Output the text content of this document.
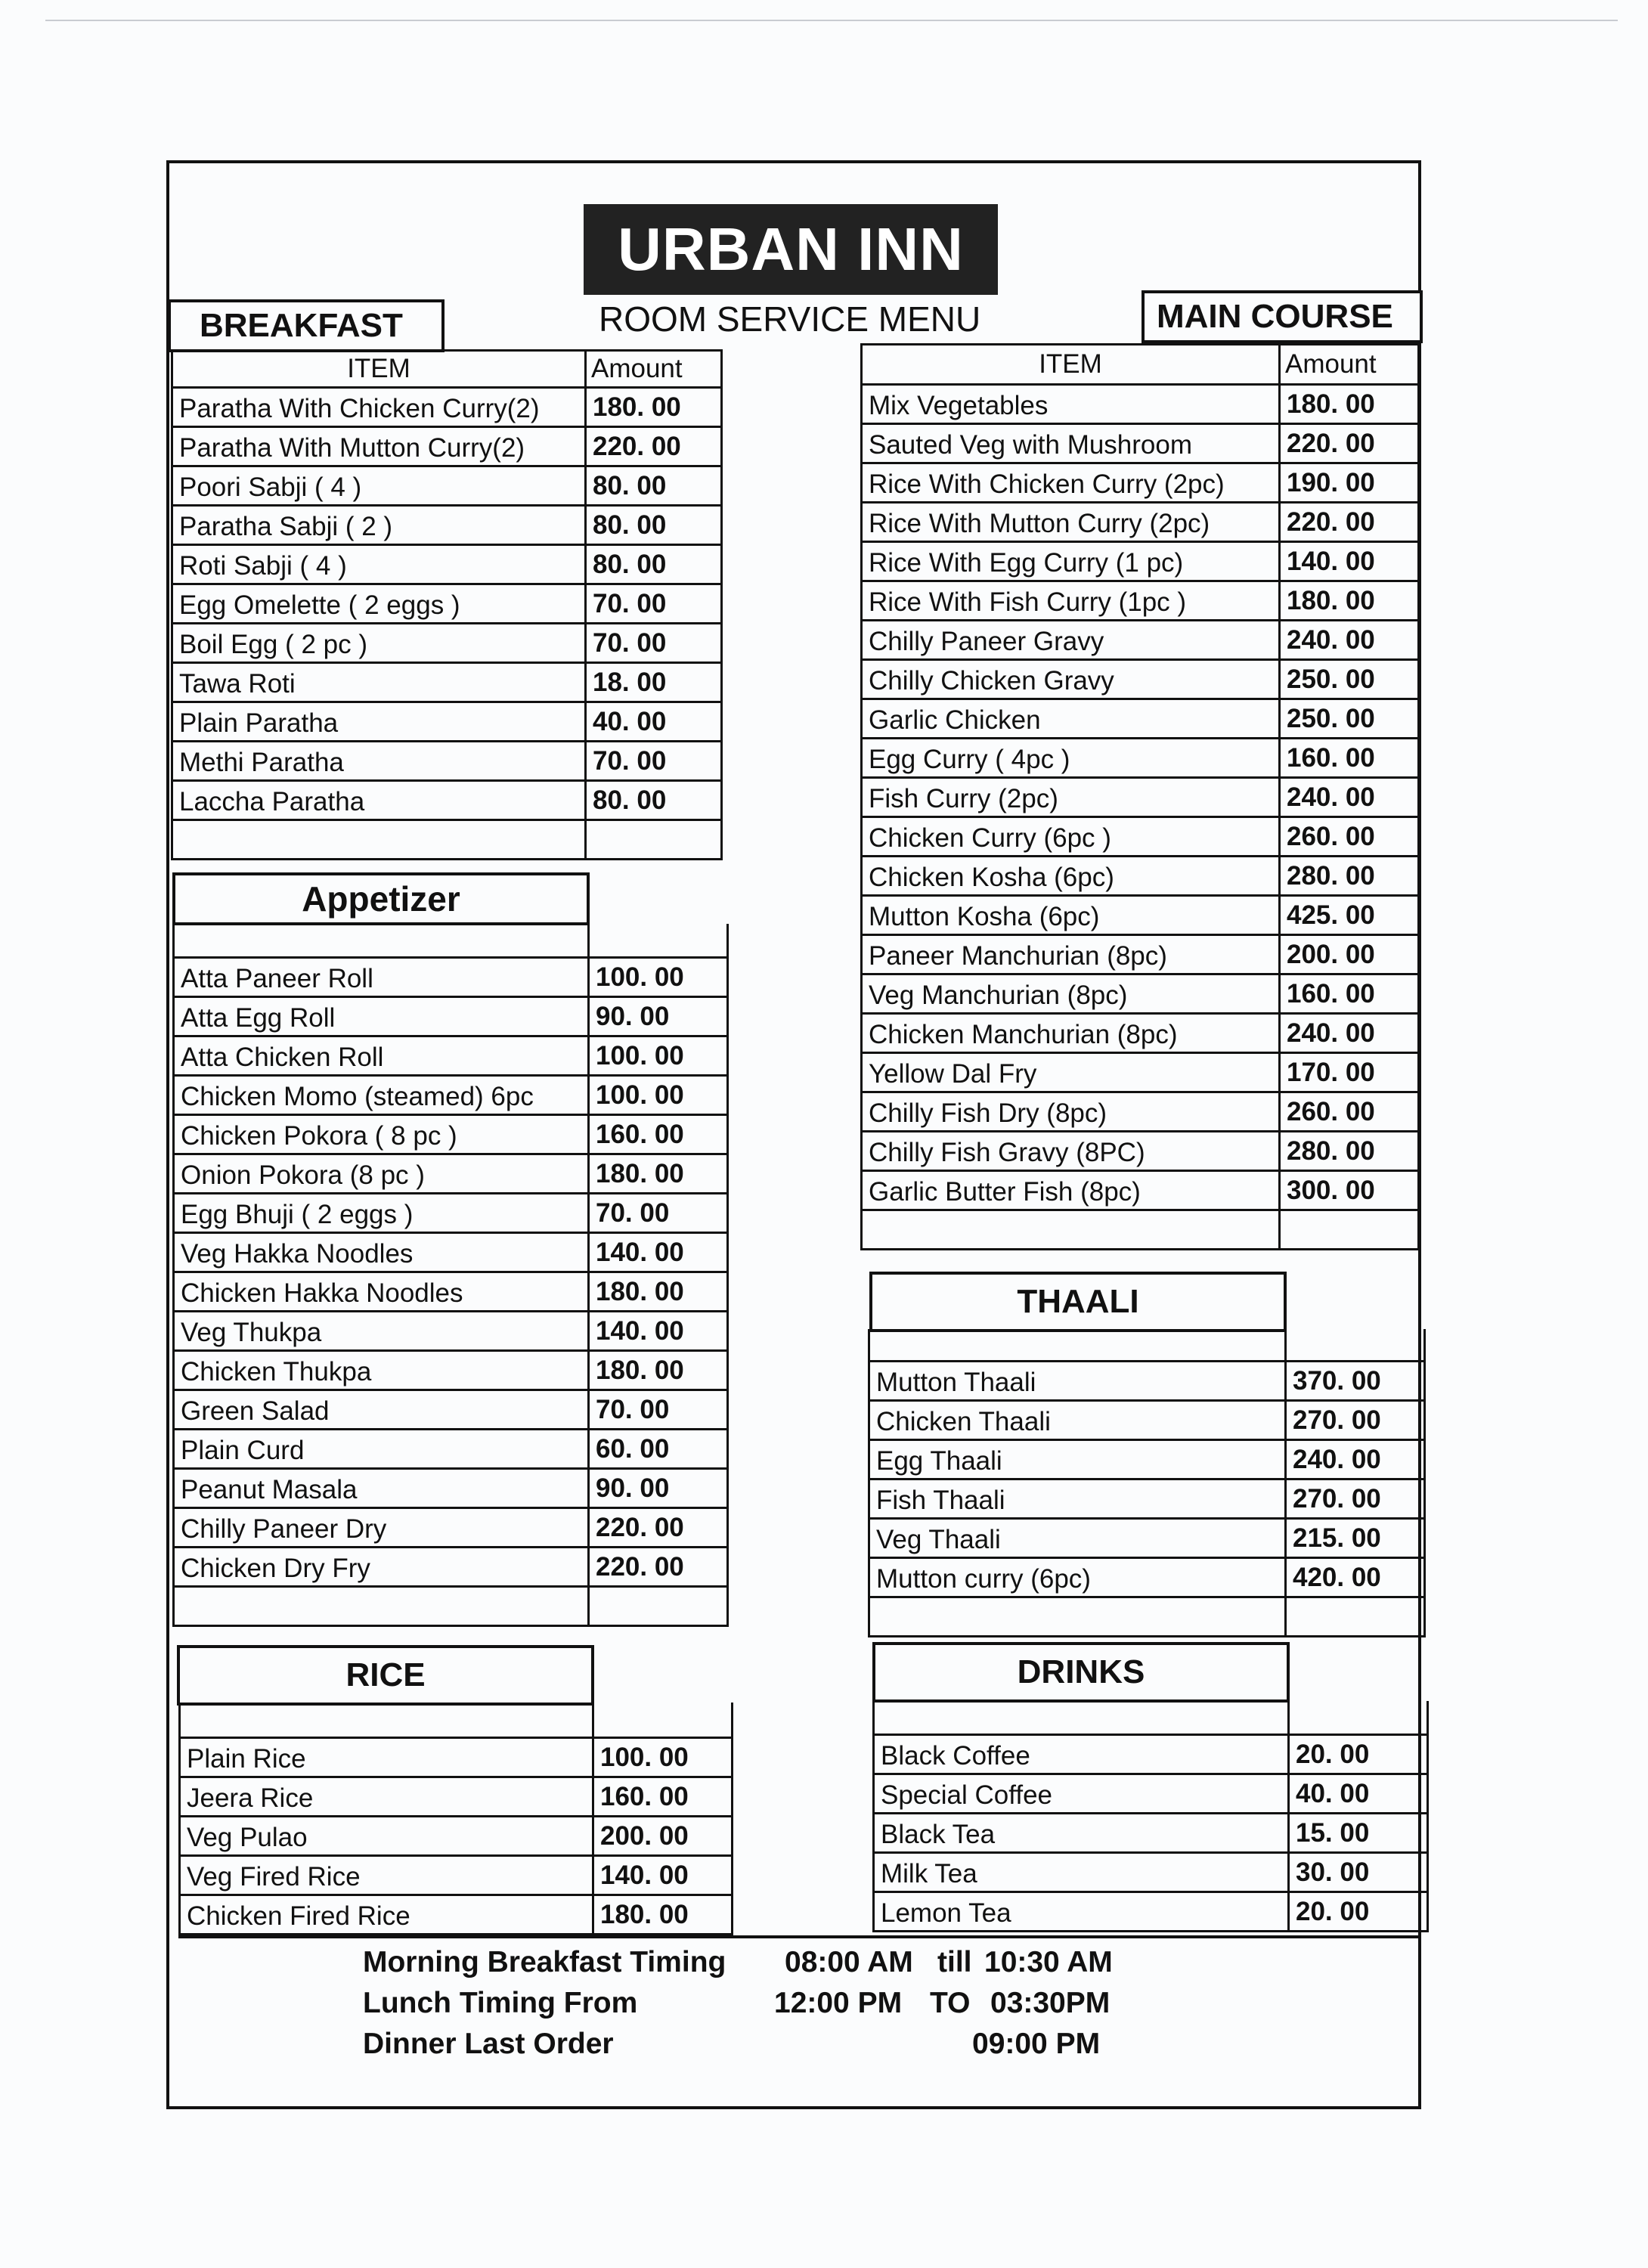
URBAN INN
ROOM SERVICE MENU
BREAKFAST	MAIN COURSE
Appetizer
THAALI
RICE	DRINKS
ITEM	Amount
Paratha With Chicken Curry(2)	180. 00
Paratha With Mutton Curry(2)	220. 00
Poori Sabji ( 4 )	80. 00
Paratha Sabji ( 2 )	80. 00
Roti Sabji ( 4 )	80. 00
Egg Omelette ( 2 eggs )	70. 00
Boil Egg ( 2 pc )	70. 00
Tawa Roti	18. 00
Plain Paratha	40. 00
Methi Paratha	70. 00
Laccha Paratha	80. 00
Atta Paneer Roll	100. 00
Atta Egg Roll	90. 00
Atta Chicken Roll	100. 00
Chicken Momo (steamed) 6pc	100. 00
Chicken Pokora ( 8 pc )	160. 00
Onion Pokora (8 pc )	180. 00
Egg Bhuji ( 2 eggs )	70. 00
Veg Hakka Noodles	140. 00
Chicken Hakka Noodles	180. 00
Veg Thukpa	140. 00
Chicken Thukpa	180. 00
Green Salad	70. 00
Plain Curd	60. 00
Peanut Masala	90. 00
Chilly Paneer Dry	220. 00
Chicken Dry Fry	220. 00
Plain Rice	100. 00
Jeera Rice	160. 00
Veg Pulao	200. 00
Veg Fired Rice	140. 00
Chicken Fired Rice	180. 00
ITEM	Amount
Mix Vegetables	180. 00
Sauted Veg with Mushroom	220. 00
Rice With Chicken Curry (2pc)	190. 00
Rice With Mutton Curry (2pc)	220. 00
Rice With Egg Curry (1 pc)	140. 00
Rice With Fish Curry (1pc )	180. 00
Chilly Paneer Gravy	240. 00
Chilly Chicken Gravy	250. 00
Garlic Chicken	250. 00
Egg Curry ( 4pc )	160. 00
Fish Curry (2pc)	240. 00
Chicken Curry (6pc )	260. 00
Chicken Kosha (6pc)	280. 00
Mutton Kosha (6pc)	425. 00
Paneer Manchurian (8pc)	200. 00
Veg Manchurian (8pc)	160. 00
Chicken Manchurian (8pc)	240. 00
Yellow Dal Fry	170. 00
Chilly Fish Dry (8pc)	260. 00
Chilly Fish Gravy (8PC)	280. 00
Garlic Butter Fish (8pc)	300. 00
Mutton Thaali	370. 00
Chicken Thaali	270. 00
Egg Thaali	240. 00
Fish Thaali	270. 00
Veg Thaali	215. 00
Mutton curry (6pc)	420. 00
Black Coffee	20. 00
Special Coffee	40. 00
Black Tea	15. 00
Milk Tea	30. 00
Lemon Tea	20. 00
Morning Breakfast Timing 08:00 AM till 10:30 AM
Lunch Timing From	12:00 PM TO 03:30PM
Dinner Last Order	09:00 PM
